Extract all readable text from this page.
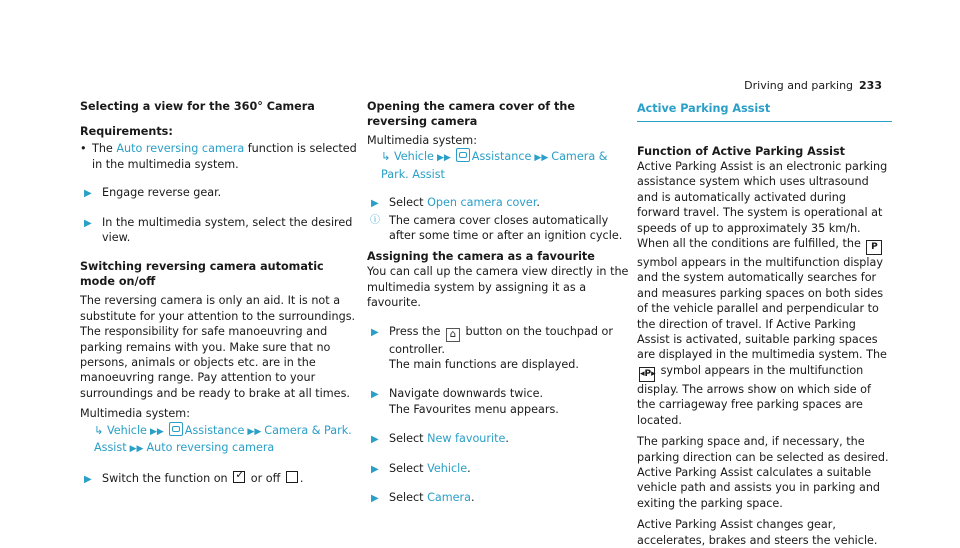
Driving and parking 233
Selecting a view for the 360° Camera

Requirements:

• The Auto reversing camera function is selected in the multimedia system.

▶ Engage reverse gear.

▶ In the multimedia system, select the desired view.

Switching reversing camera automatic mode on/off

The reversing camera is only an aid. It is not a substitute for your attention to the surroundings. The responsibility for safe manoeuvring and parking remains with you. Make sure that no persons, animals or objects etc. are in the manoeuvring range. Pay attention to your surroundings and be ready to brake at all times.

Multimedia system:

↳ Vehicle ▶▶ Assistance ▶▶ Camera & Park. Assist ▶▶ Auto reversing camera

▶ Switch the function on ✓ or off .

Opening the camera cover of the reversing camera

Multimedia system:

↳ Vehicle ▶▶ Assistance ▶▶ Camera & Park. Assist

▶ Select Open camera cover.

ⓘ The camera cover closes automatically after some time or after an ignition cycle.

Assigning the camera as a favourite

You can call up the camera view directly in the multimedia system by assigning it as a favourite.

▶ Press the ⌂ button on the touchpad or controller.
The main functions are displayed.

▶ Navigate downwards twice.
The Favourites menu appears.

▶ Select New favourite.

▶ Select Vehicle.

▶ Select Camera.

Active Parking Assist
Function of Active Parking Assist

Active Parking Assist is an electronic parking assistance system which uses ultrasound and is automatically activated during forward travel. The system is operational at speeds of up to approximately 35 km/h. When all the conditions are fulfilled, the P symbol appears in the multifunction display and the system automatically searches for and measures parking spaces on both sides of the vehicle parallel and perpendicular to the direction of travel. If Active Parking Assist is activated, suitable parking spaces are displayed in the multimedia system. The ◂P▸ symbol appears in the multifunction display. The arrows show on which side of the carriageway free parking spaces are located.

The parking space and, if necessary, the parking direction can be selected as desired. Active Parking Assist calculates a suitable vehicle path and assists you in parking and exiting the parking space.

Active Parking Assist changes gear, accelerates, brakes and steers the vehicle.
